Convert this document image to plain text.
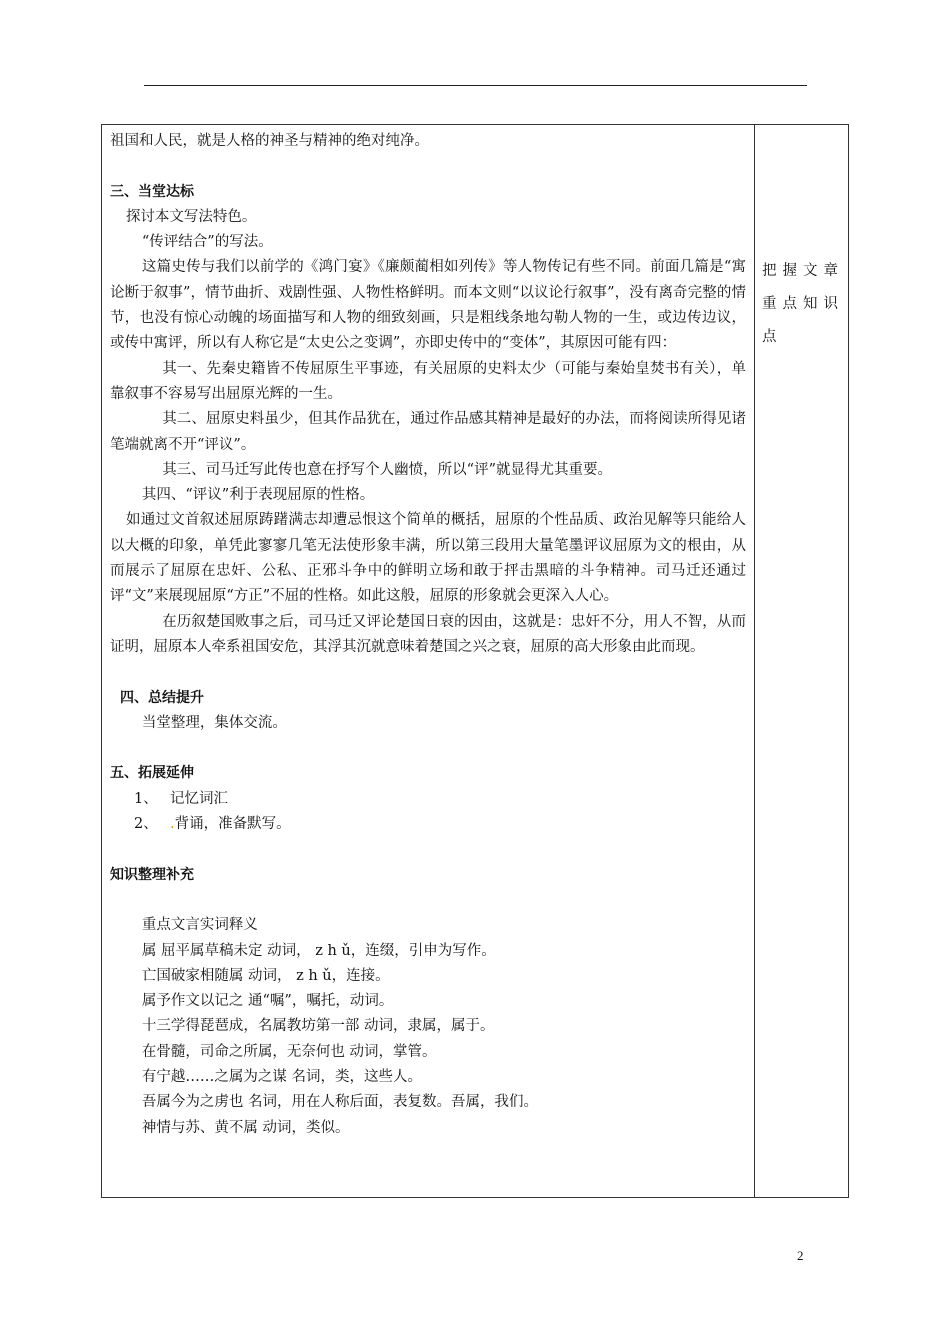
祖国和人民，就是人格的神圣与精神的绝对纯净。

三、当堂达标

探讨本文写法特色。

“传评结合”的写法。

这篇史传与我们以前学的《鸿门宴》《廉颇蔺相如列传》等人物传记有些不同。前面几篇是“寓论断于叙事”，情节曲折、戏剧性强、人物性格鲜明。而本文则“以议论行叙事”，没有离奇完整的情节，也没有惊心动魄的场面描写和人物的细致刻画，只是粗线条地勾勒人物的一生，或边传边议，或传中寓评，所以有人称它是“太史公之变调”，亦即史传中的“变体”，其原因可能有四：

其一、先秦史籍皆不传屈原生平事迹，有关屈原的史料太少（可能与秦始皇焚书有关），单靠叙事不容易写出屈原光辉的一生。

其二、屈原史料虽少，但其作品犹在，通过作品感其精神是最好的办法，而将阅读所得见诸笔端就离不开“评议”。

其三、司马迁写此传也意在抒写个人幽愤，所以“评”就显得尤其重要。

其四、“评议”利于表现屈原的性格。

如通过文首叙述屈原踌躇满志却遭忌恨这个简单的概括，屈原的个性品质、政治见解等只能给人以大概的印象，单凭此寥寥几笔无法使形象丰满，所以第三段用大量笔墨评议屈原为文的根由，从而展示了屈原在忠奸、公私、正邪斗争中的鲜明立场和敢于抨击黑暗的斗争精神。司马迁还通过评“文”来展现屈原“方正”不屈的性格。如此这般，屈原的形象就会更深入人心。

在历叙楚国败事之后，司马迁又评论楚国日衰的因由，这就是：忠奸不分，用人不智，从而证明，屈原本人牵系祖国安危，其浮其沉就意味着楚国之兴之衰，屈原的高大形象由此而现。

四、总结提升

当堂整理，集体交流。

五、拓展延伸

1、 记忆词汇

2、 .背诵，准备默写。

知识整理补充

重点文言实词释义

属 屈平属草稿未定 动词， z h ǔ，连缀，引申为写作。

亡国破家相随属 动词， z h ǔ，连接。

属予作文以记之 通“嘱”，嘱托，动词。

十三学得琵琶成，名属教坊第一部 动词，隶属，属于。

在骨髓，司命之所属，无奈何也 动词，掌管。

有宁越……之属为之谋 名词，类，这些人。

吾属今为之虏也 名词，用在人称后面，表复数。吾属，我们。

神情与苏、黄不属 动词，类似。

把握文章重点知识点
2
